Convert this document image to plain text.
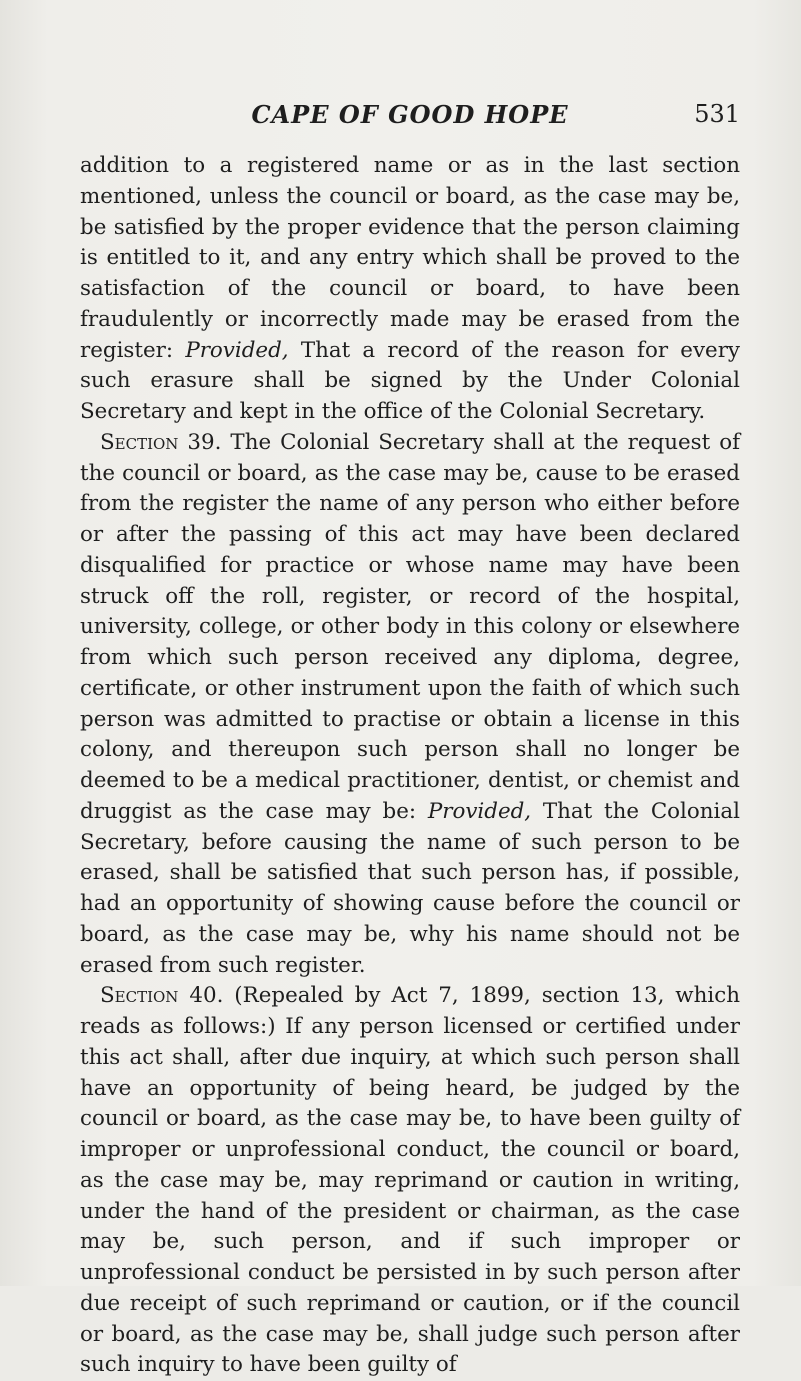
CAPE OF GOOD HOPE	531

addition to a registered name or as in the last section mentioned, unless the council or board, as the case may be, be satisfied by the proper evidence that the person claiming is entitled to it, and any entry which shall be proved to the satisfaction of the council or board, to have been fraudulently or incorrectly made may be erased from the register: Provided, That a record of the reason for every such erasure shall be signed by the Under Colonial Secretary and kept in the office of the Colonial Secretary.

Section 39. The Colonial Secretary shall at the request of the council or board, as the case may be, cause to be erased from the register the name of any person who either before or after the passing of this act may have been declared disqualified for practice or whose name may have been struck off the roll, register, or record of the hospital, university, college, or other body in this colony or elsewhere from which such person received any diploma, degree, certificate, or other instrument upon the faith of which such person was admitted to practise or obtain a license in this colony, and thereupon such person shall no longer be deemed to be a medical practitioner, dentist, or chemist and druggist as the case may be: Provided, That the Colonial Secretary, before causing the name of such person to be erased, shall be satisfied that such person has, if possible, had an opportunity of showing cause before the council or board, as the case may be, why his name should not be erased from such register.

Section 40. (Repealed by Act 7, 1899, section 13, which reads as follows:) If any person licensed or certified under this act shall, after due inquiry, at which such person shall have an opportunity of being heard, be judged by the council or board, as the case may be, to have been guilty of improper or unprofessional conduct, the council or board, as the case may be, may reprimand or caution in writing, under the hand of the president or chairman, as the case may be, such person, and if such improper or unprofessional conduct be persisted in by such person after due receipt of such reprimand or caution, or if the council or board, as the case may be, shall judge such person after such inquiry to have been guilty of
